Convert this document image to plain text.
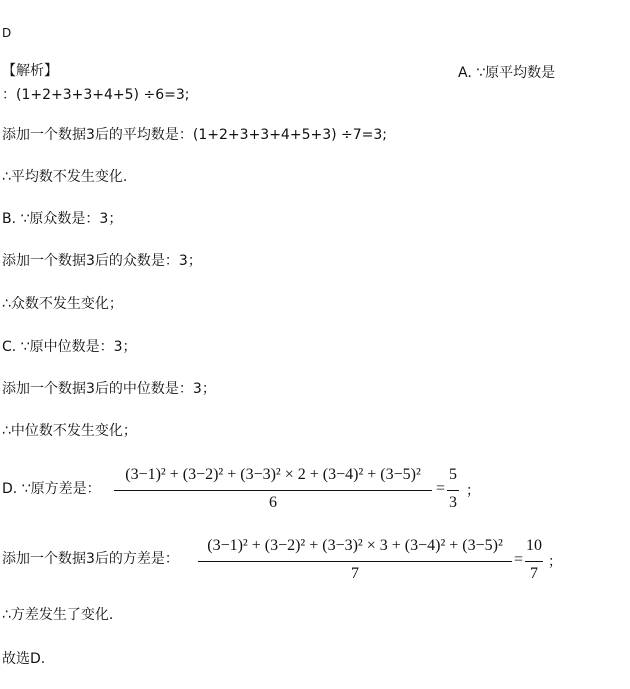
D
【解析】	A. ∵原平均数是
：(1+2+3+3+4+5) ÷6=3;
添加一个数据3后的平均数是：(1+2+3+3+4+5+3) ÷7=3;
∴平均数不发生变化.
B. ∵原众数是：3；
添加一个数据3后的众数是：3；
∴众数不发生变化；
C. ∵原中位数是：3；
添加一个数据3后的中位数是：3；
∴中位数不发生变化；
D. ∵原方差是：
(3−1)² + (3−2)² + (3−3)² × 2 + (3−4)² + (3−5)²
6
=
5
3
；
添加一个数据3后的方差是：
(3−1)² + (3−2)² + (3−3)² × 3 + (3−4)² + (3−5)²
7
=
10
7
；
∴方差发生了变化.
故选D.
